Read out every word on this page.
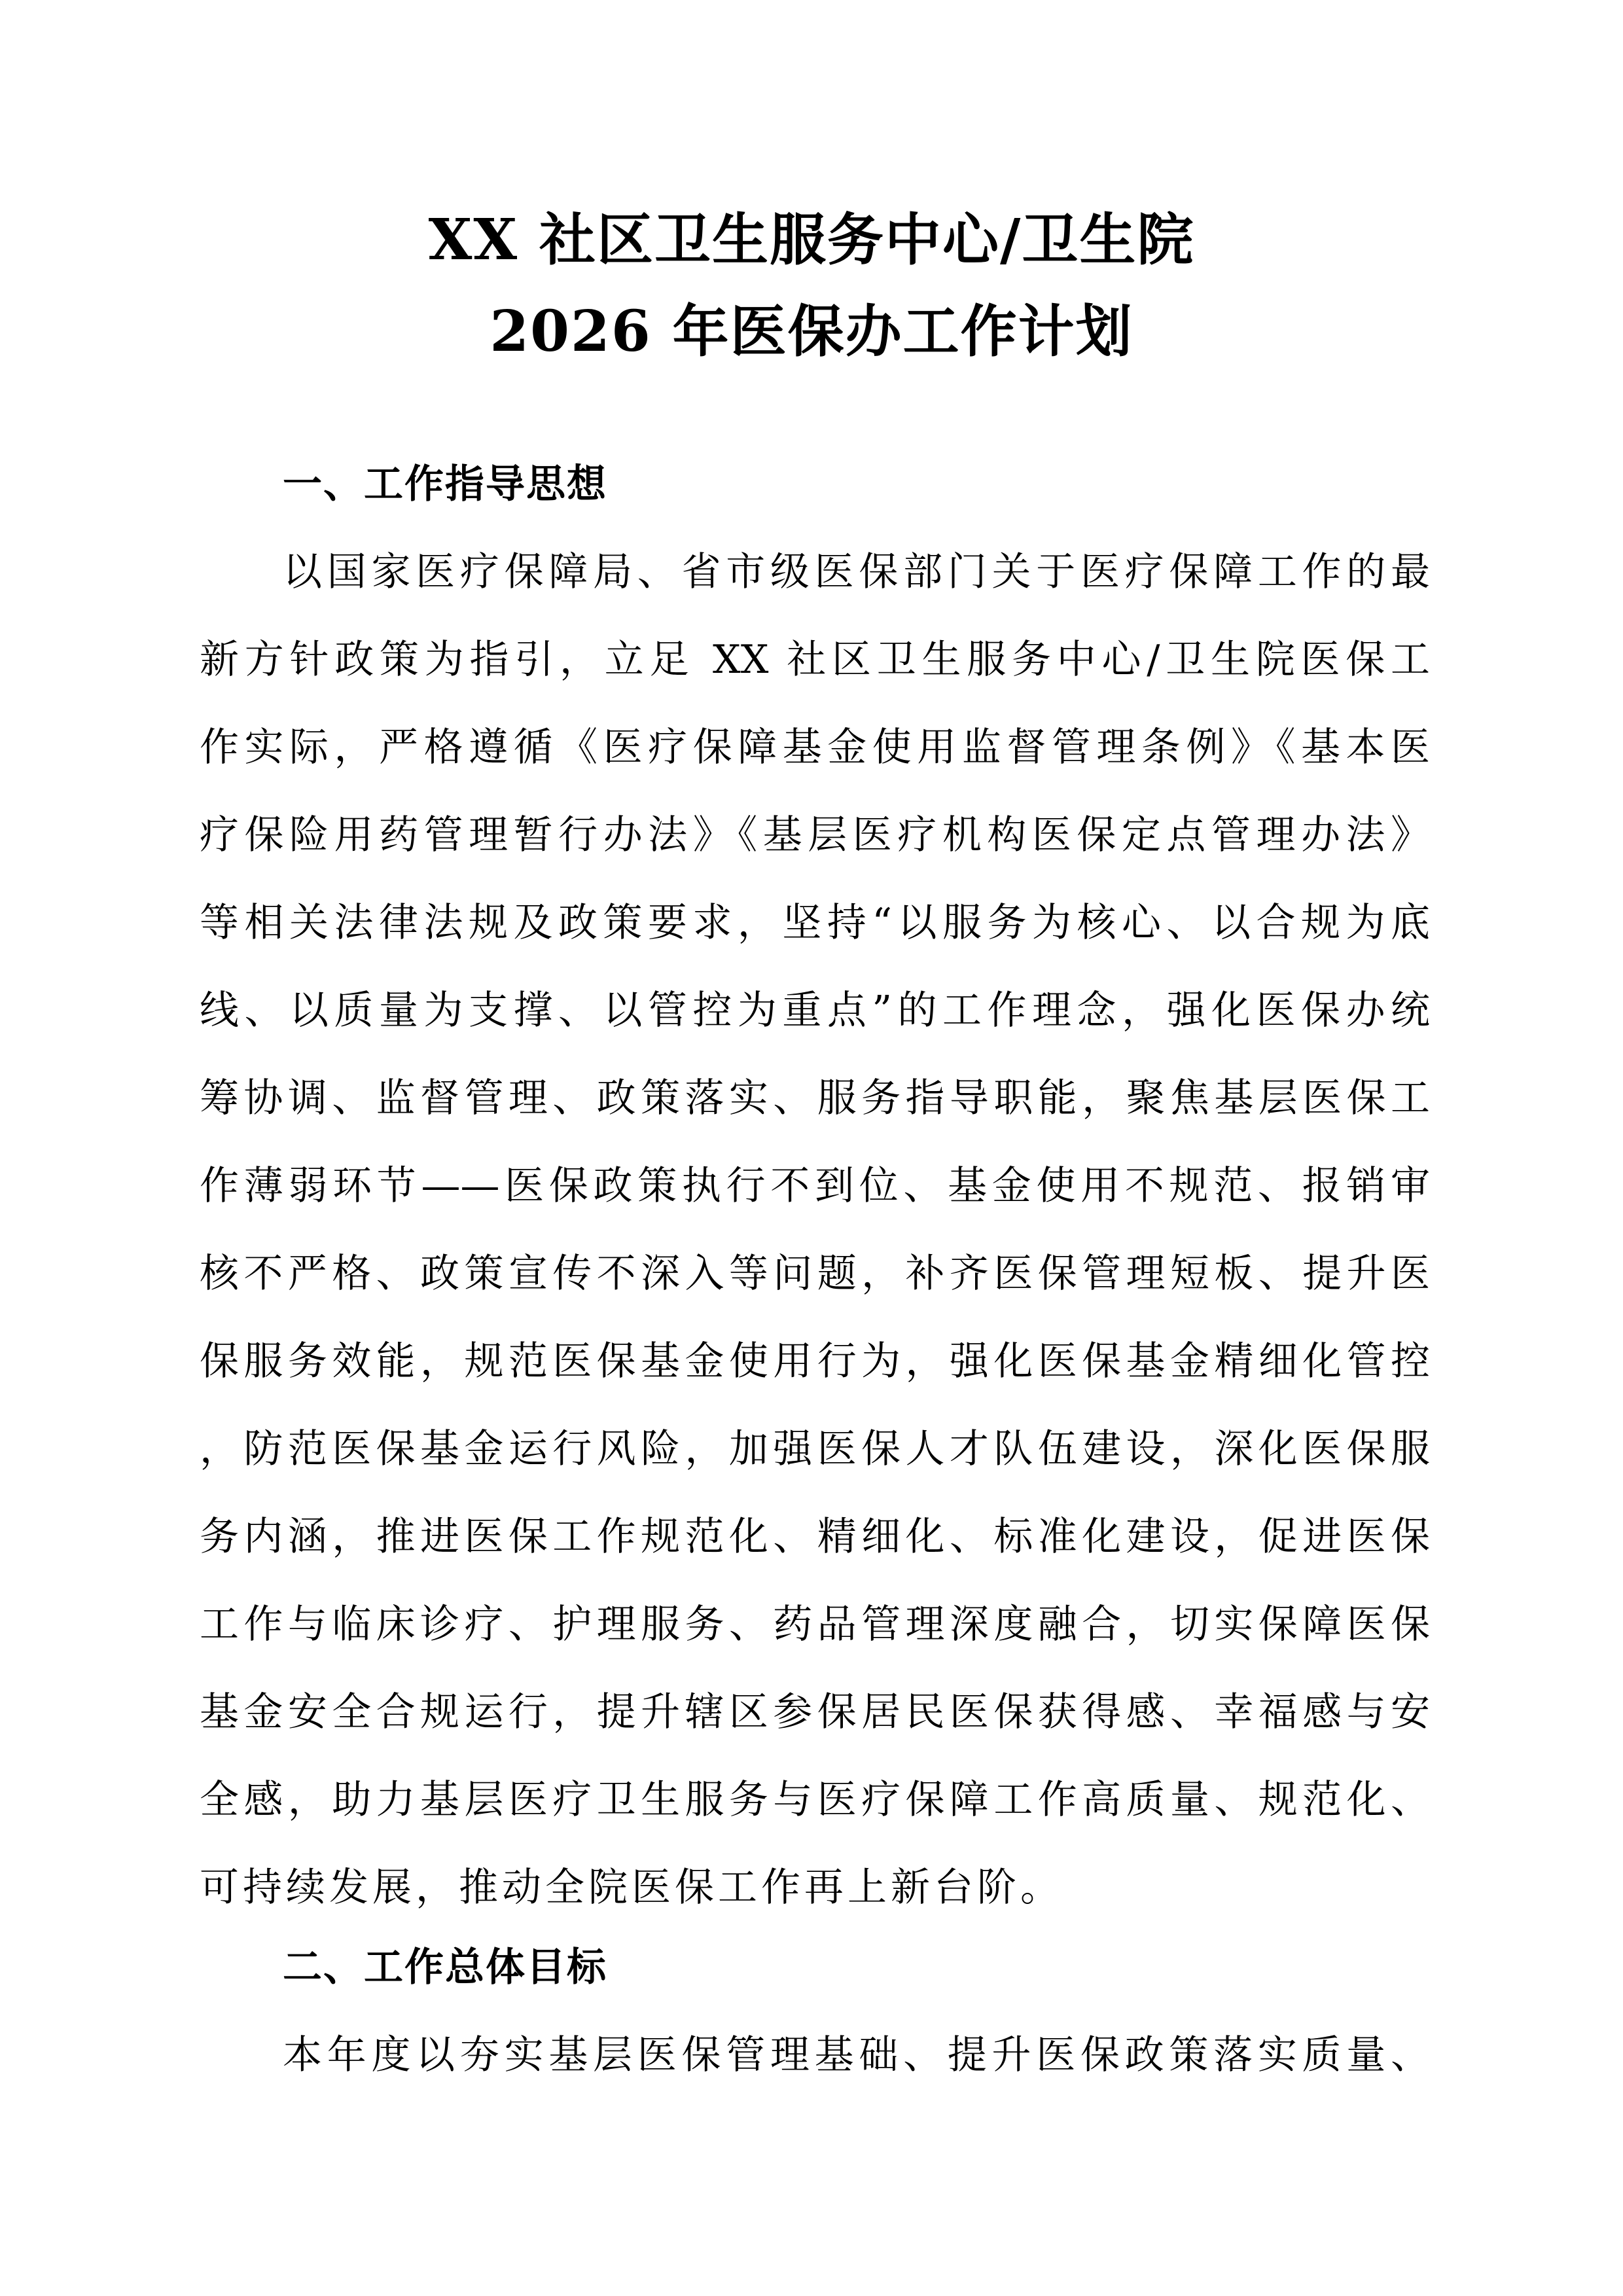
XX 社区卫生服务中心/卫生院
2026 年医保办工作计划
一、工作指导思想
以国家医疗保障局、省市级医保部门关于医疗保障工作的最
新方针政策为指引，立足 XX 社区卫生服务中心/卫生院医保工
作实际，严格遵循《医疗保障基金使用监督管理条例》《基本医
疗保险用药管理暂行办法》《基层医疗机构医保定点管理办法》
等相关法律法规及政策要求，坚持“以服务为核心、以合规为底
线、以质量为支撑、以管控为重点”的工作理念，强化医保办统
筹协调、监督管理、政策落实、服务指导职能，聚焦基层医保工
作薄弱环节——医保政策执行不到位、基金使用不规范、报销审
核不严格、政策宣传不深入等问题，补齐医保管理短板、提升医
保服务效能，规范医保基金使用行为，强化医保基金精细化管控
，防范医保基金运行风险，加强医保人才队伍建设，深化医保服
务内涵，推进医保工作规范化、精细化、标准化建设，促进医保
工作与临床诊疗、护理服务、药品管理深度融合，切实保障医保
基金安全合规运行，提升辖区参保居民医保获得感、幸福感与安
全感，助力基层医疗卫生服务与医疗保障工作高质量、规范化、
可持续发展，推动全院医保工作再上新台阶。
二、工作总体目标
本年度以夯实基层医保管理基础、提升医保政策落实质量、
